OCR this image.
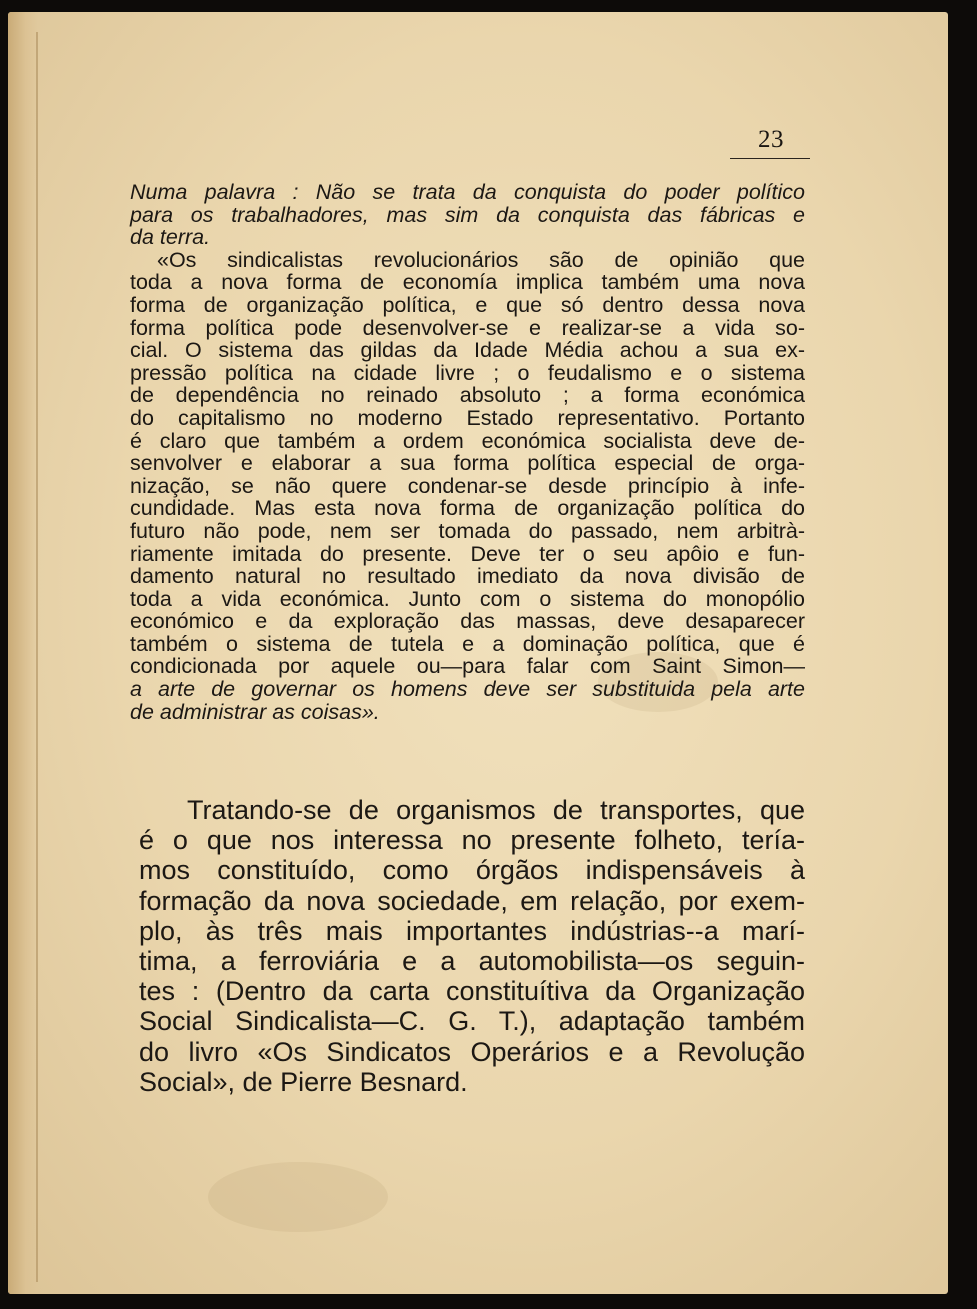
23
Numa palavra : Não se trata da conquista do poder político
para os trabalhadores, mas sim da conquista das fábricas e
da terra.
«Os sindicalistas revolucionários são de opinião que
toda a nova forma de economía implica também uma nova
forma de organização política, e que só dentro dessa nova
forma política pode desenvolver-se e realizar-se a vida so-
cial. O sistema das gildas da Idade Média achou a sua ex-
pressão política na cidade livre ; o feudalismo e o sistema
de dependência no reinado absoluto ; a forma económica
do capitalismo no moderno Estado representativo. Portanto
é claro que também a ordem económica socialista deve de-
senvolver e elaborar a sua forma política especial de orga-
nização, se não quere condenar-se desde princípio à infe-
cundidade. Mas esta nova forma de organização política do
futuro não pode, nem ser tomada do passado, nem arbitrà-
riamente imitada do presente. Deve ter o seu apôio e fun-
damento natural no resultado imediato da nova divisão de
toda a vida económica. Junto com o sistema do monopólio
económico e da exploração das massas, deve desaparecer
também o sistema de tutela e a dominação política, que é
condicionada por aquele ou—para falar com Saint Simon—
a arte de governar os homens deve ser substituida pela arte
de administrar as coisas».
Tratando-se de organismos de transportes, que
é o que nos interessa no presente folheto, tería-
mos constituído, como órgãos indispensáveis à
formação da nova sociedade, em relação, por exem-
plo, às três mais importantes indústrias--a marí-
tima, a ferroviária e a automobilista—os seguin-
tes : (Dentro da carta constituítiva da Organização
Social Sindicalista—C. G. T.), adaptação também
do livro «Os Sindicatos Operários e a Revolução
Social», de Pierre Besnard.
